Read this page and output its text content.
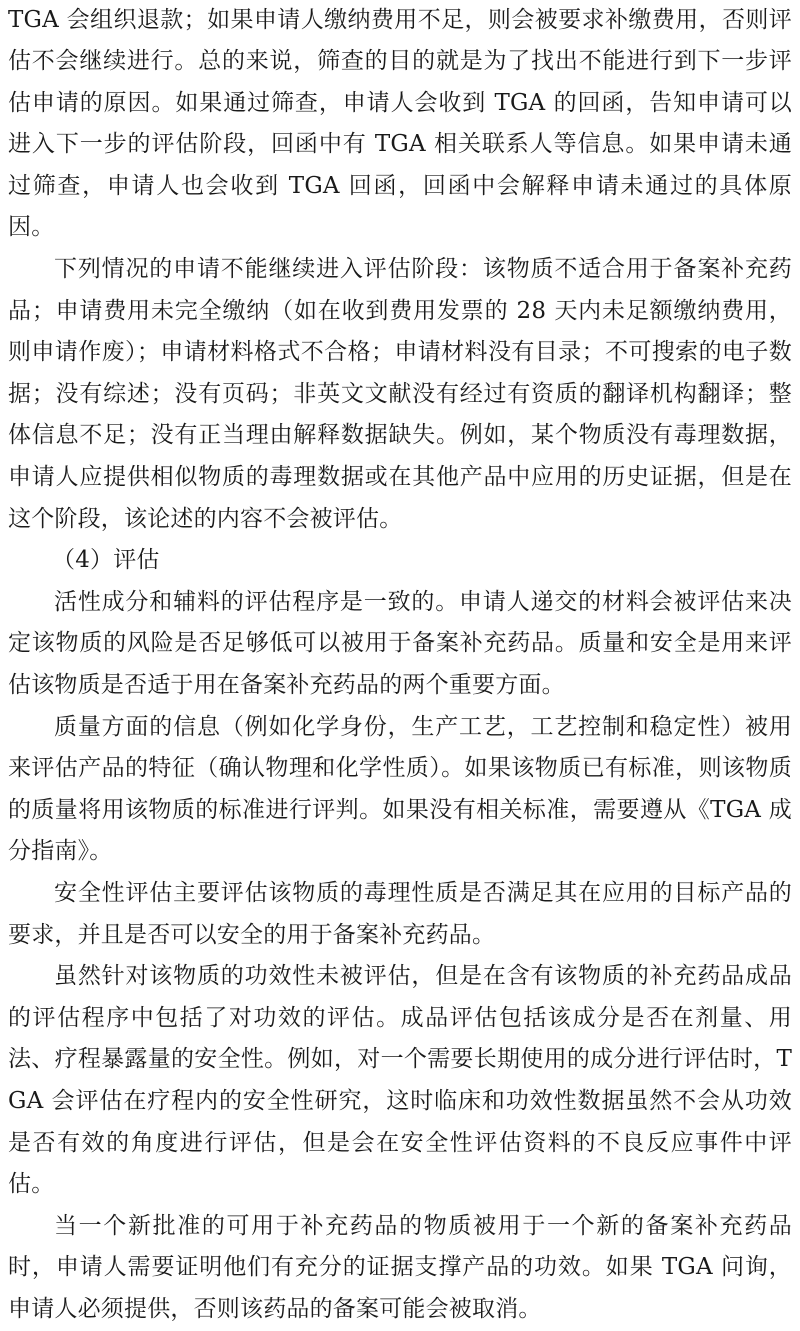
TGA 会组织退款；如果申请人缴纳费用不足，则会被要求补缴费用，否则评估不会继续进行。总的来说，筛查的目的就是为了找出不能进行到下一步评估申请的原因。如果通过筛查，申请人会收到 TGA 的回函，告知申请可以进入下一步的评估阶段，回函中有 TGA 相关联系人等信息。如果申请未通过筛查，申请人也会收到 TGA 回函，回函中会解释申请未通过的具体原因。

下列情况的申请不能继续进入评估阶段：该物质不适合用于备案补充药品；申请费用未完全缴纳（如在收到费用发票的 28 天内未足额缴纳费用，则申请作废）；申请材料格式不合格；申请材料没有目录；不可搜索的电子数据；没有综述；没有页码；非英文文献没有经过有资质的翻译机构翻译；整体信息不足；没有正当理由解释数据缺失。例如，某个物质没有毒理数据，申请人应提供相似物质的毒理数据或在其他产品中应用的历史证据，但是在这个阶段，该论述的内容不会被评估。

（4）评估

活性成分和辅料的评估程序是一致的。申请人递交的材料会被评估来决定该物质的风险是否足够低可以被用于备案补充药品。质量和安全是用来评估该物质是否适于用在备案补充药品的两个重要方面。

质量方面的信息（例如化学身份，生产工艺，工艺控制和稳定性）被用来评估产品的特征（确认物理和化学性质）。如果该物质已有标准，则该物质的质量将用该物质的标准进行评判。如果没有相关标准，需要遵从《TGA 成分指南》。

安全性评估主要评估该物质的毒理性质是否满足其在应用的目标产品的要求，并且是否可以安全的用于备案补充药品。

虽然针对该物质的功效性未被评估，但是在含有该物质的补充药品成品的评估程序中包括了对功效的评估。成品评估包括该成分是否在剂量、用法、疗程暴露量的安全性。例如，对一个需要长期使用的成分进行评估时，TGA 会评估在疗程内的安全性研究，这时临床和功效性数据虽然不会从功效是否有效的角度进行评估，但是会在安全性评估资料的不良反应事件中评估。

当一个新批准的可用于补充药品的物质被用于一个新的备案补充药品时，申请人需要证明他们有充分的证据支撑产品的功效。如果 TGA 问询，申请人必须提供，否则该药品的备案可能会被取消。
